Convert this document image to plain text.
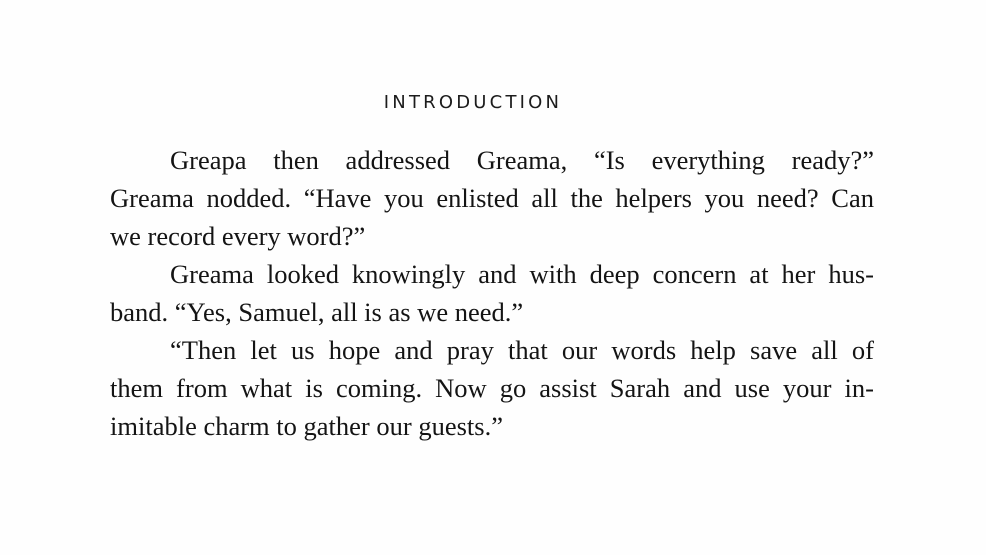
INTRODUCTION
Greapa then addressed Greama, “Is everything ready?”
Greama nodded. “Have you enlisted all the helpers you need? Can
we record every word?”
Greama looked knowingly and with deep concern at her hus-
band. “Yes, Samuel, all is as we need.”
“Then let us hope and pray that our words help save all of
them from what is coming. Now go assist Sarah and use your in-
imitable charm to gather our guests.”
